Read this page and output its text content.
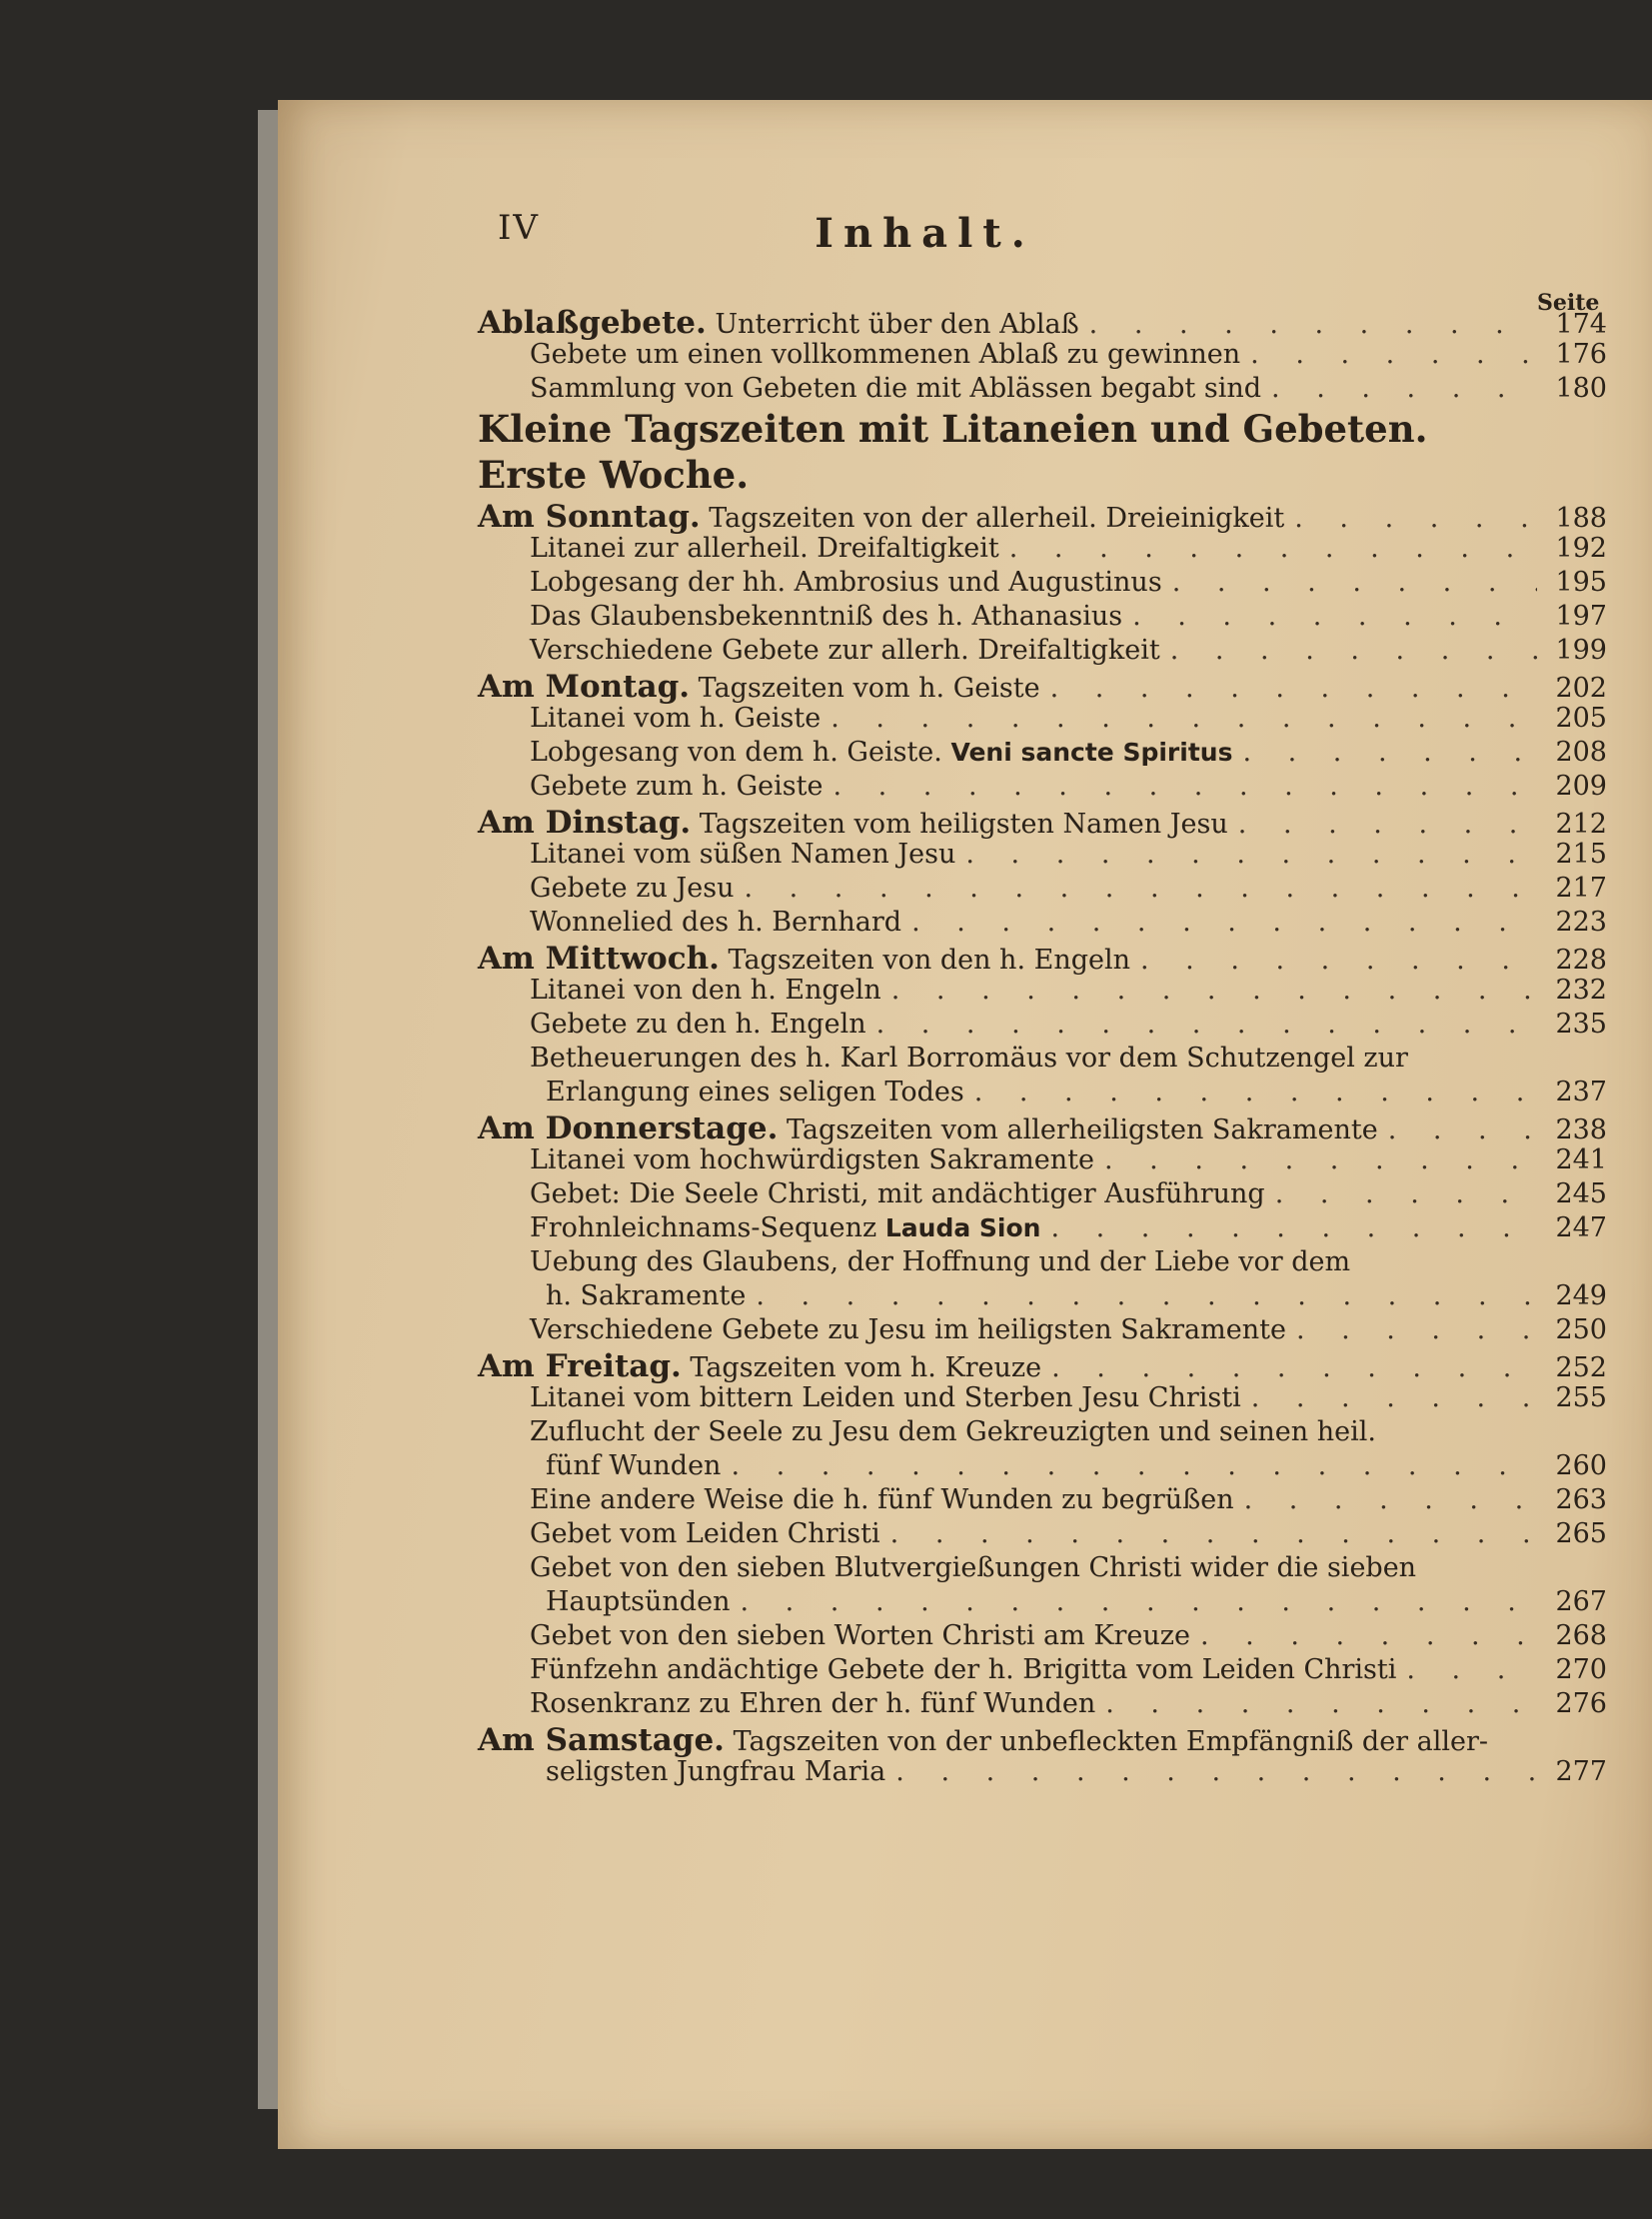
IV	Inhalt.
Seite
Ablaßgebete. Unterricht über den Ablaß . . .	174
Gebete um einen vollkommenen Ablaß zu gewinnen . . .	176
Sammlung von Gebeten die mit Ablässen begabt sind . . .	180
Kleine Tagszeiten mit Litaneien und Gebeten.
Erste Woche.
Am Sonntag. Tagszeiten von der allerheil. Dreieinigkeit . . .	188
Litanei zur allerheil. Dreifaltigkeit . . .	192
Lobgesang der hh. Ambrosius und Augustinus . . .	195
Das Glaubensbekenntniß des h. Athanasius . . .	197
Verschiedene Gebete zur allerh. Dreifaltigkeit . . .	199
Am Montag. Tagszeiten vom h. Geiste . . .	202
Litanei vom h. Geiste . . .	205
Lobgesang von dem h. Geiste. Veni sancte Spiritus . . .	208
Gebete zum h. Geiste . . .	209
Am Dinstag. Tagszeiten vom heiligsten Namen Jesu . . .	212
Litanei vom süßen Namen Jesu . . .	215
Gebete zu Jesu . . .	217
Wonnelied des h. Bernhard . . .	223
Am Mittwoch. Tagszeiten von den h. Engeln . . .	228
Litanei von den h. Engeln . . .	232
Gebete zu den h. Engeln . . .	235
Betheuerungen des h. Karl Borromäus vor dem Schutzengel zur
Erlangung eines seligen Todes . . .	237
Am Donnerstage. Tagszeiten vom allerheiligsten Sakramente . . .	238
Litanei vom hochwürdigsten Sakramente . . .	241
Gebet: Die Seele Christi, mit andächtiger Ausführung . . .	245
Frohnleichnams-Sequenz Lauda Sion . . .	247
Uebung des Glaubens, der Hoffnung und der Liebe vor dem
h. Sakramente . . .	249
Verschiedene Gebete zu Jesu im heiligsten Sakramente . . .	250
Am Freitag. Tagszeiten vom h. Kreuze . . .	252
Litanei vom bittern Leiden und Sterben Jesu Christi . . .	255
Zuflucht der Seele zu Jesu dem Gekreuzigten und seinen heil.
fünf Wunden . . .	260
Eine andere Weise die h. fünf Wunden zu begrüßen . . .	263
Gebet vom Leiden Christi . . .	265
Gebet von den sieben Blutvergießungen Christi wider die sieben
Hauptsünden . . .	267
Gebet von den sieben Worten Christi am Kreuze . . .	268
Fünfzehn andächtige Gebete der h. Brigitta vom Leiden Christi . . .	270
Rosenkranz zu Ehren der h. fünf Wunden . . .	276
Am Samstage. Tagszeiten von der unbefleckten Empfängniß der aller-
seligsten Jungfrau Maria . . .	277
